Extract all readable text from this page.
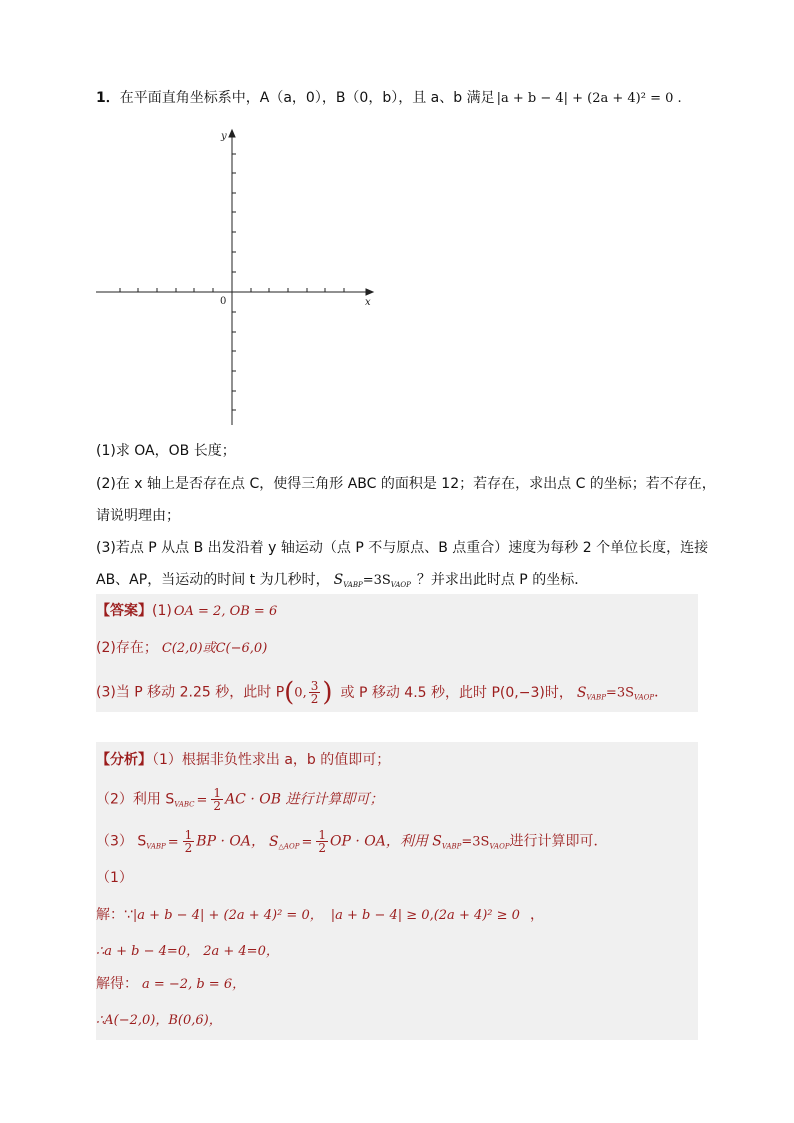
1．在平面直角坐标系中，A（a，0），B（0，b），且 a、b 满足 |a + b − 4| + (2a + 4)² = 0 .
y
x
0
(1)求 OA，OB 长度；
(2)在 x 轴上是否存在点 C，使得三角形 ABC 的面积是 12；若存在，求出点 C 的坐标；若不存在，
请说明理由；
(3)若点 P 从点 B 出发沿着 y 轴运动（点 P 不与原点、B 点重合）速度为每秒 2 个单位长度，连接
AB、AP，当运动的时间 t 为几秒时， $S_{VABP}=3S_{VAOP}$ ？并求出此时点 P 的坐标．
【答案】(1) OA = 2, OB = 6
(2)存在； C(2,0)或C(−6,0)
(3)当 P 移动 2.25 秒，此时 P(0, $\frac{3}{2}$ ) 或 P 移动 4.5 秒，此时 P(0,−3)时， $S_{VABP}=3S_{VAOP}$．
【分析】（1）根据非负性求出 a，b 的值即可；
（2）利用 $S_{VABC} = \frac{1}{2}$ AC · OB 进行计算即可；
（3） $S_{VABP} = \frac{1}{2}$ BP · OA， $S_{\triangle AOP} = \frac{1}{2}$ OP · OA，利用 $S_{VABP}=3S_{VAOP}$进行计算即可．
（1）
解：∵|a + b − 4| + (2a + 4)² = 0， |a + b − 4| ≥ 0,(2a + 4)² ≥ 0 ，
∴a + b − 4=0， 2a + 4=0，
解得： a = −2, b = 6，
∴A(−2,0)，B(0,6)，
